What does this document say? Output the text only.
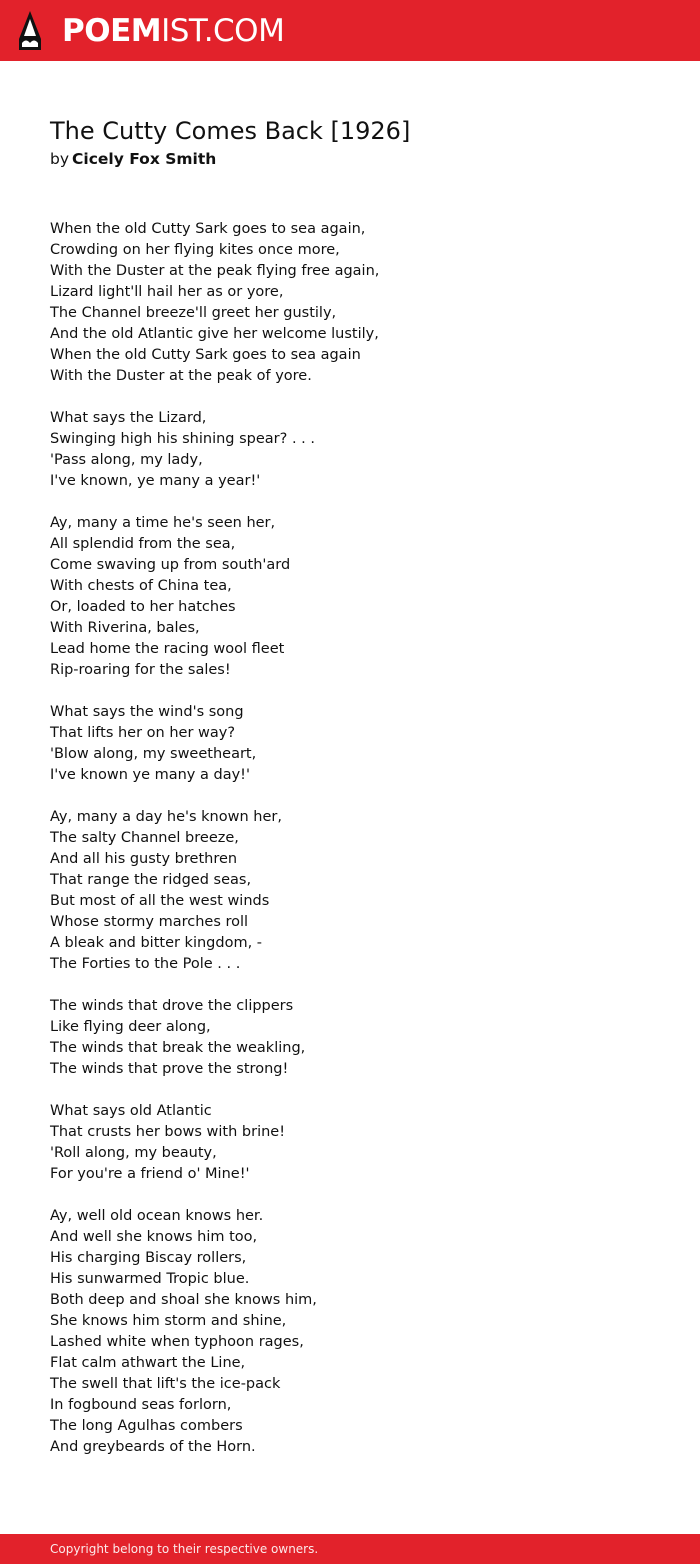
POEMIST.COM
The Cutty Comes Back [1926]
by Cicely Fox Smith
When the old Cutty Sark goes to sea again,
Crowding on her flying kites once more,
With the Duster at the peak flying free again,
Lizard light'll hail her as or yore,
The Channel breeze'll greet her gustily,
And the old Atlantic give her welcome lustily,
When the old Cutty Sark goes to sea again
With the Duster at the peak of yore.
What says the Lizard,
Swinging high his shining spear? . . .
'Pass along, my lady,
I've known, ye many a year!'
Ay, many a time he's seen her,
All splendid from the sea,
Come swaving up from south'ard
With chests of China tea,
Or, loaded to her hatches
With Riverina, bales,
Lead home the racing wool fleet
Rip-roaring for the sales!
What says the wind's song
That lifts her on her way?
'Blow along, my sweetheart,
I've known ye many a day!'
Ay, many a day he's known her,
The salty Channel breeze,
And all his gusty brethren
That range the ridged seas,
But most of all the west winds
Whose stormy marches roll
A bleak and bitter kingdom, -
The Forties to the Pole . . .
The winds that drove the clippers
Like flying deer along,
The winds that break the weakling,
The winds that prove the strong!
What says old Atlantic
That crusts her bows with brine!
'Roll along, my beauty,
For you're a friend o' Mine!'
Ay, well old ocean knows her.
And well she knows him too,
His charging Biscay rollers,
His sunwarmed Tropic blue.
Both deep and shoal she knows him,
She knows him storm and shine,
Lashed white when typhoon rages,
Flat calm athwart the Line,
The swell that lift's the ice-pack
In fogbound seas forlorn,
The long Agulhas combers
And greybeards of the Horn.
Copyright belong to their respective owners.
